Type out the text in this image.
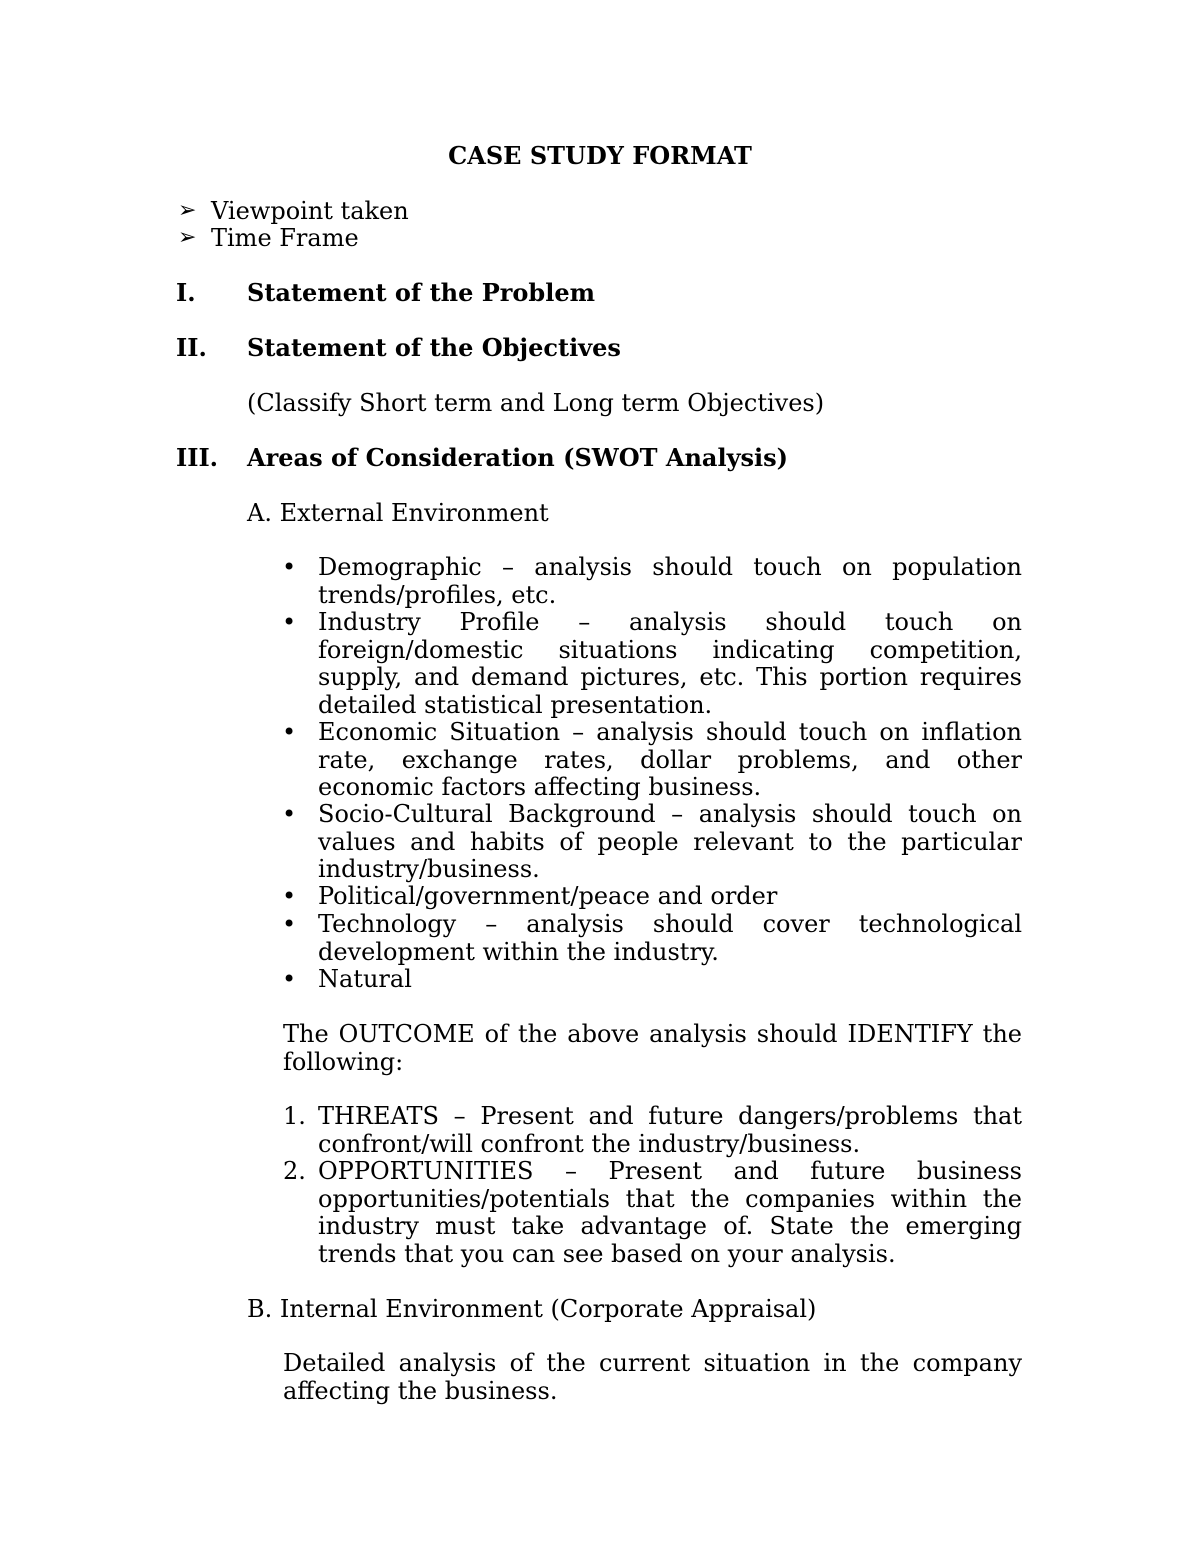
CASE STUDY FORMAT
➢ Viewpoint taken
➢ Time Frame
I. Statement of the Problem
II. Statement of the Objectives
(Classify Short term and Long term Objectives)
III. Areas of Consideration (SWOT Analysis)
A. External Environment
• Demographic – analysis should touch on population trends/profiles, etc.
• Industry Profile – analysis should touch on foreign/domestic situations indicating competition, supply, and demand pictures, etc. This portion requires detailed statistical presentation.
• Economic Situation – analysis should touch on inflation rate, exchange rates, dollar problems, and other economic factors affecting business.
• Socio-Cultural Background – analysis should touch on values and habits of people relevant to the particular industry/business.
• Political/government/peace and order
• Technology – analysis should cover technological development within the industry.
• Natural
The OUTCOME of the above analysis should IDENTIFY the following:
1. THREATS – Present and future dangers/problems that confront/will confront the industry/business.
2. OPPORTUNITIES – Present and future business opportunities/potentials that the companies within the industry must take advantage of. State the emerging trends that you can see based on your analysis.
B. Internal Environment (Corporate Appraisal)
Detailed analysis of the current situation in the company affecting the business.
